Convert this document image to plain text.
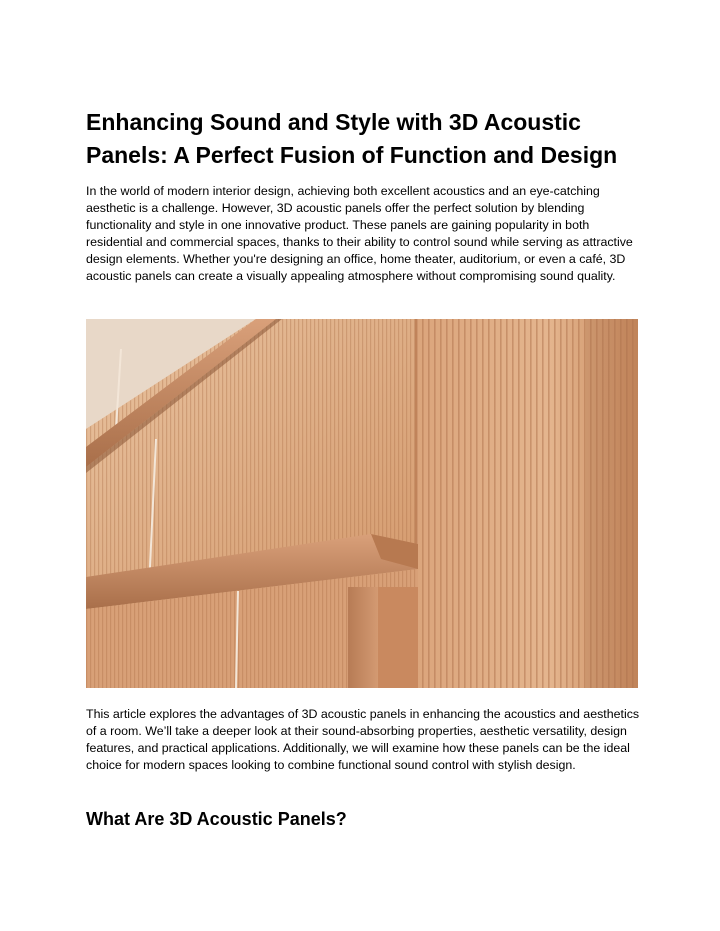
Enhancing Sound and Style with 3D Acoustic Panels: A Perfect Fusion of Function and Design

In the world of modern interior design, achieving both excellent acoustics and an eye-catching aesthetic is a challenge. However, 3D acoustic panels offer the perfect solution by blending functionality and style in one innovative product. These panels are gaining popularity in both residential and commercial spaces, thanks to their ability to control sound while serving as attractive design elements. Whether you're designing an office, home theater, auditorium, or even a café, 3D acoustic panels can create a visually appealing atmosphere without compromising sound quality.

This article explores the advantages of 3D acoustic panels in enhancing the acoustics and aesthetics of a room. We’ll take a deeper look at their sound-absorbing properties, aesthetic versatility, design features, and practical applications. Additionally, we will examine how these panels can be the ideal choice for modern spaces looking to combine functional sound control with stylish design.

What Are 3D Acoustic Panels?
